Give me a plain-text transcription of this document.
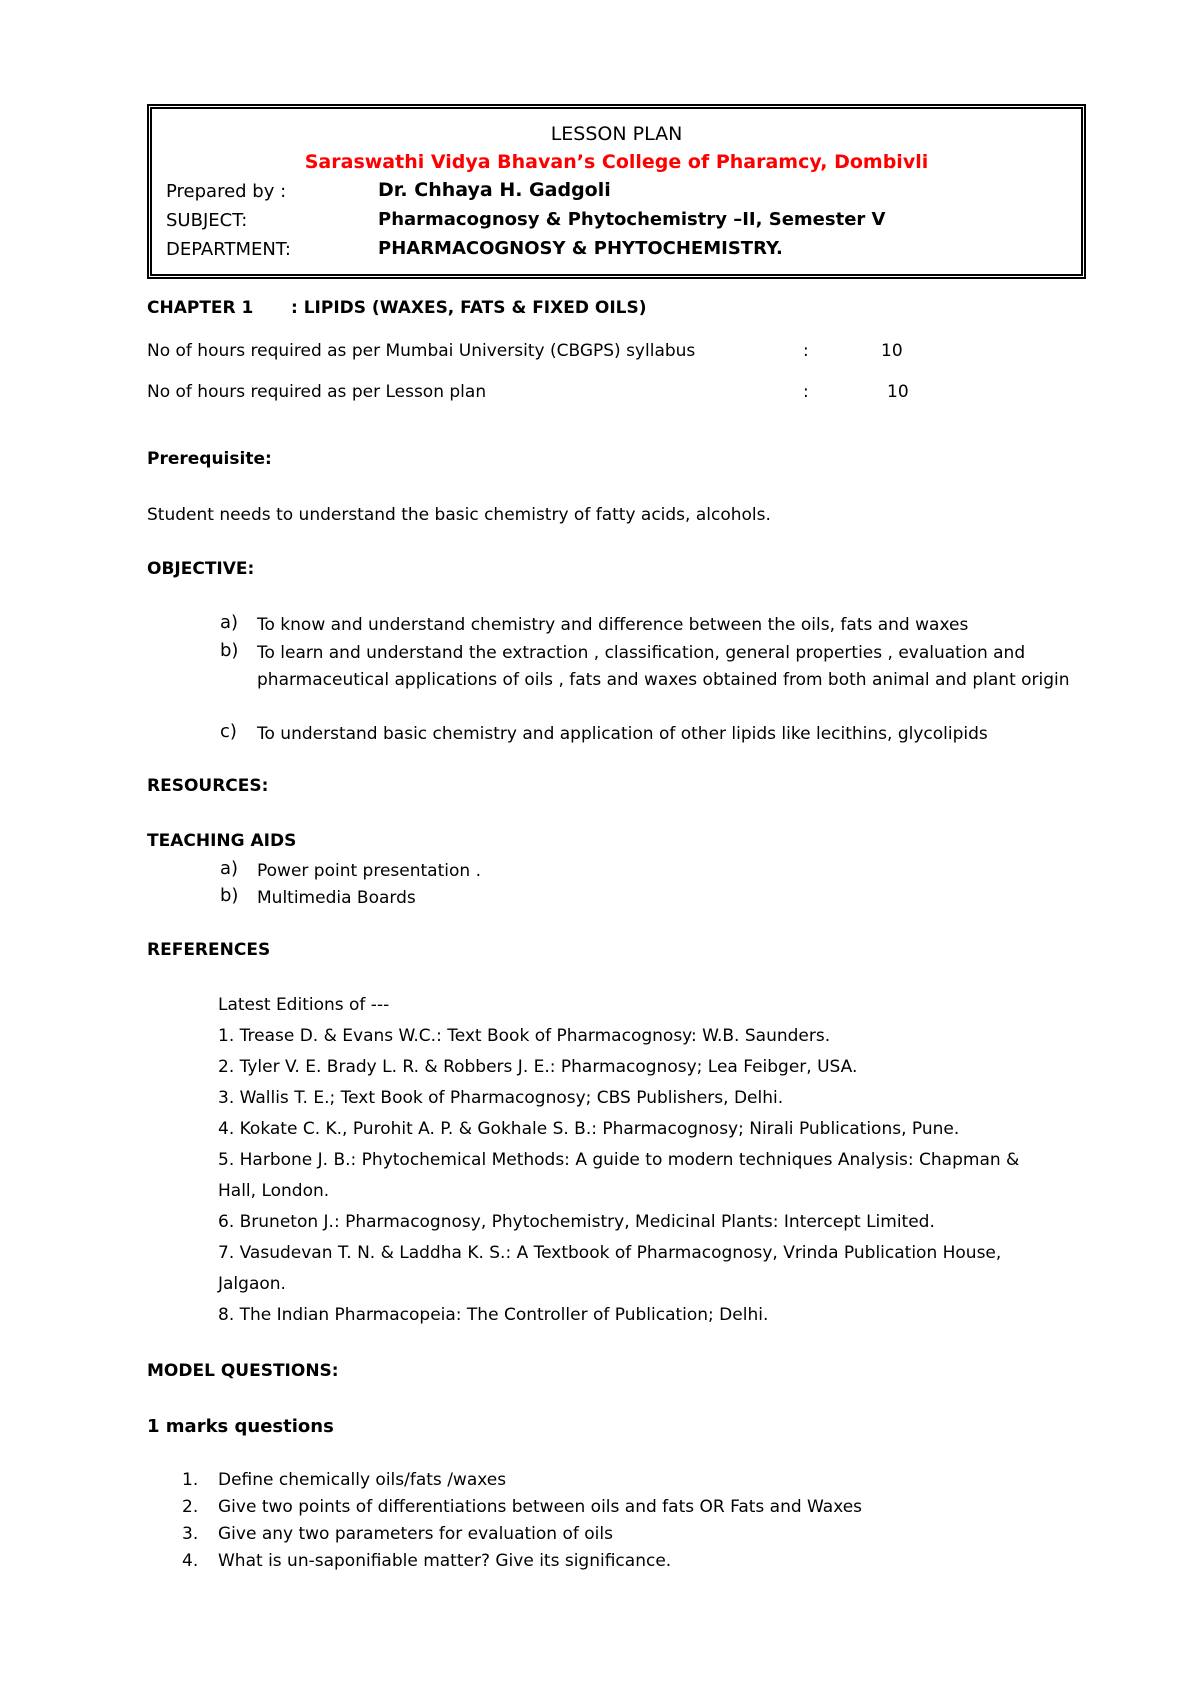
LESSON PLAN
Saraswathi Vidya Bhavan’s College of Pharamcy, Dombivli
Prepared by :	Dr. Chhaya H. Gadgoli
SUBJECT:	Pharmacognosy & Phytochemistry –II, Semester V
DEPARTMENT:	PHARMACOGNOSY & PHYTOCHEMISTRY.
CHAPTER 1 : LIPIDS (WAXES, FATS & FIXED OILS)
No of hours required as per Mumbai University (CBGPS) syllabus	:	10
No of hours required as per Lesson plan	:	10
Prerequisite:
Student needs to understand the basic chemistry of fatty acids, alcohols.
OBJECTIVE:
a)	To know and understand chemistry and difference between the oils, fats and waxes
b)	To learn and understand the extraction , classification, general properties , evaluation and pharmaceutical applications of oils , fats and waxes obtained from both animal and plant origin
c)	To understand basic chemistry and application of other lipids like lecithins, glycolipids
RESOURCES:
TEACHING AIDS
a)	Power point presentation .
b)	Multimedia Boards
REFERENCES
Latest Editions of ---
1. Trease D. & Evans W.C.: Text Book of Pharmacognosy: W.B. Saunders.
2. Tyler V. E. Brady L. R. & Robbers J. E.: Pharmacognosy; Lea Feibger, USA.
3. Wallis T. E.; Text Book of Pharmacognosy; CBS Publishers, Delhi.
4. Kokate C. K., Purohit A. P. & Gokhale S. B.: Pharmacognosy; Nirali Publications, Pune.
5. Harbone J. B.: Phytochemical Methods: A guide to modern techniques Analysis: Chapman &
Hall, London.
6. Bruneton J.: Pharmacognosy, Phytochemistry, Medicinal Plants: Intercept Limited.
7. Vasudevan T. N. & Laddha K. S.: A Textbook of Pharmacognosy, Vrinda Publication House,
Jalgaon.
8. The Indian Pharmacopeia: The Controller of Publication; Delhi.
MODEL QUESTIONS:
1 marks questions
1. Define chemically oils/fats /waxes
2. Give two points of differentiations between oils and fats OR Fats and Waxes
3. Give any two parameters for evaluation of oils
4. What is un-saponifiable matter? Give its significance.
